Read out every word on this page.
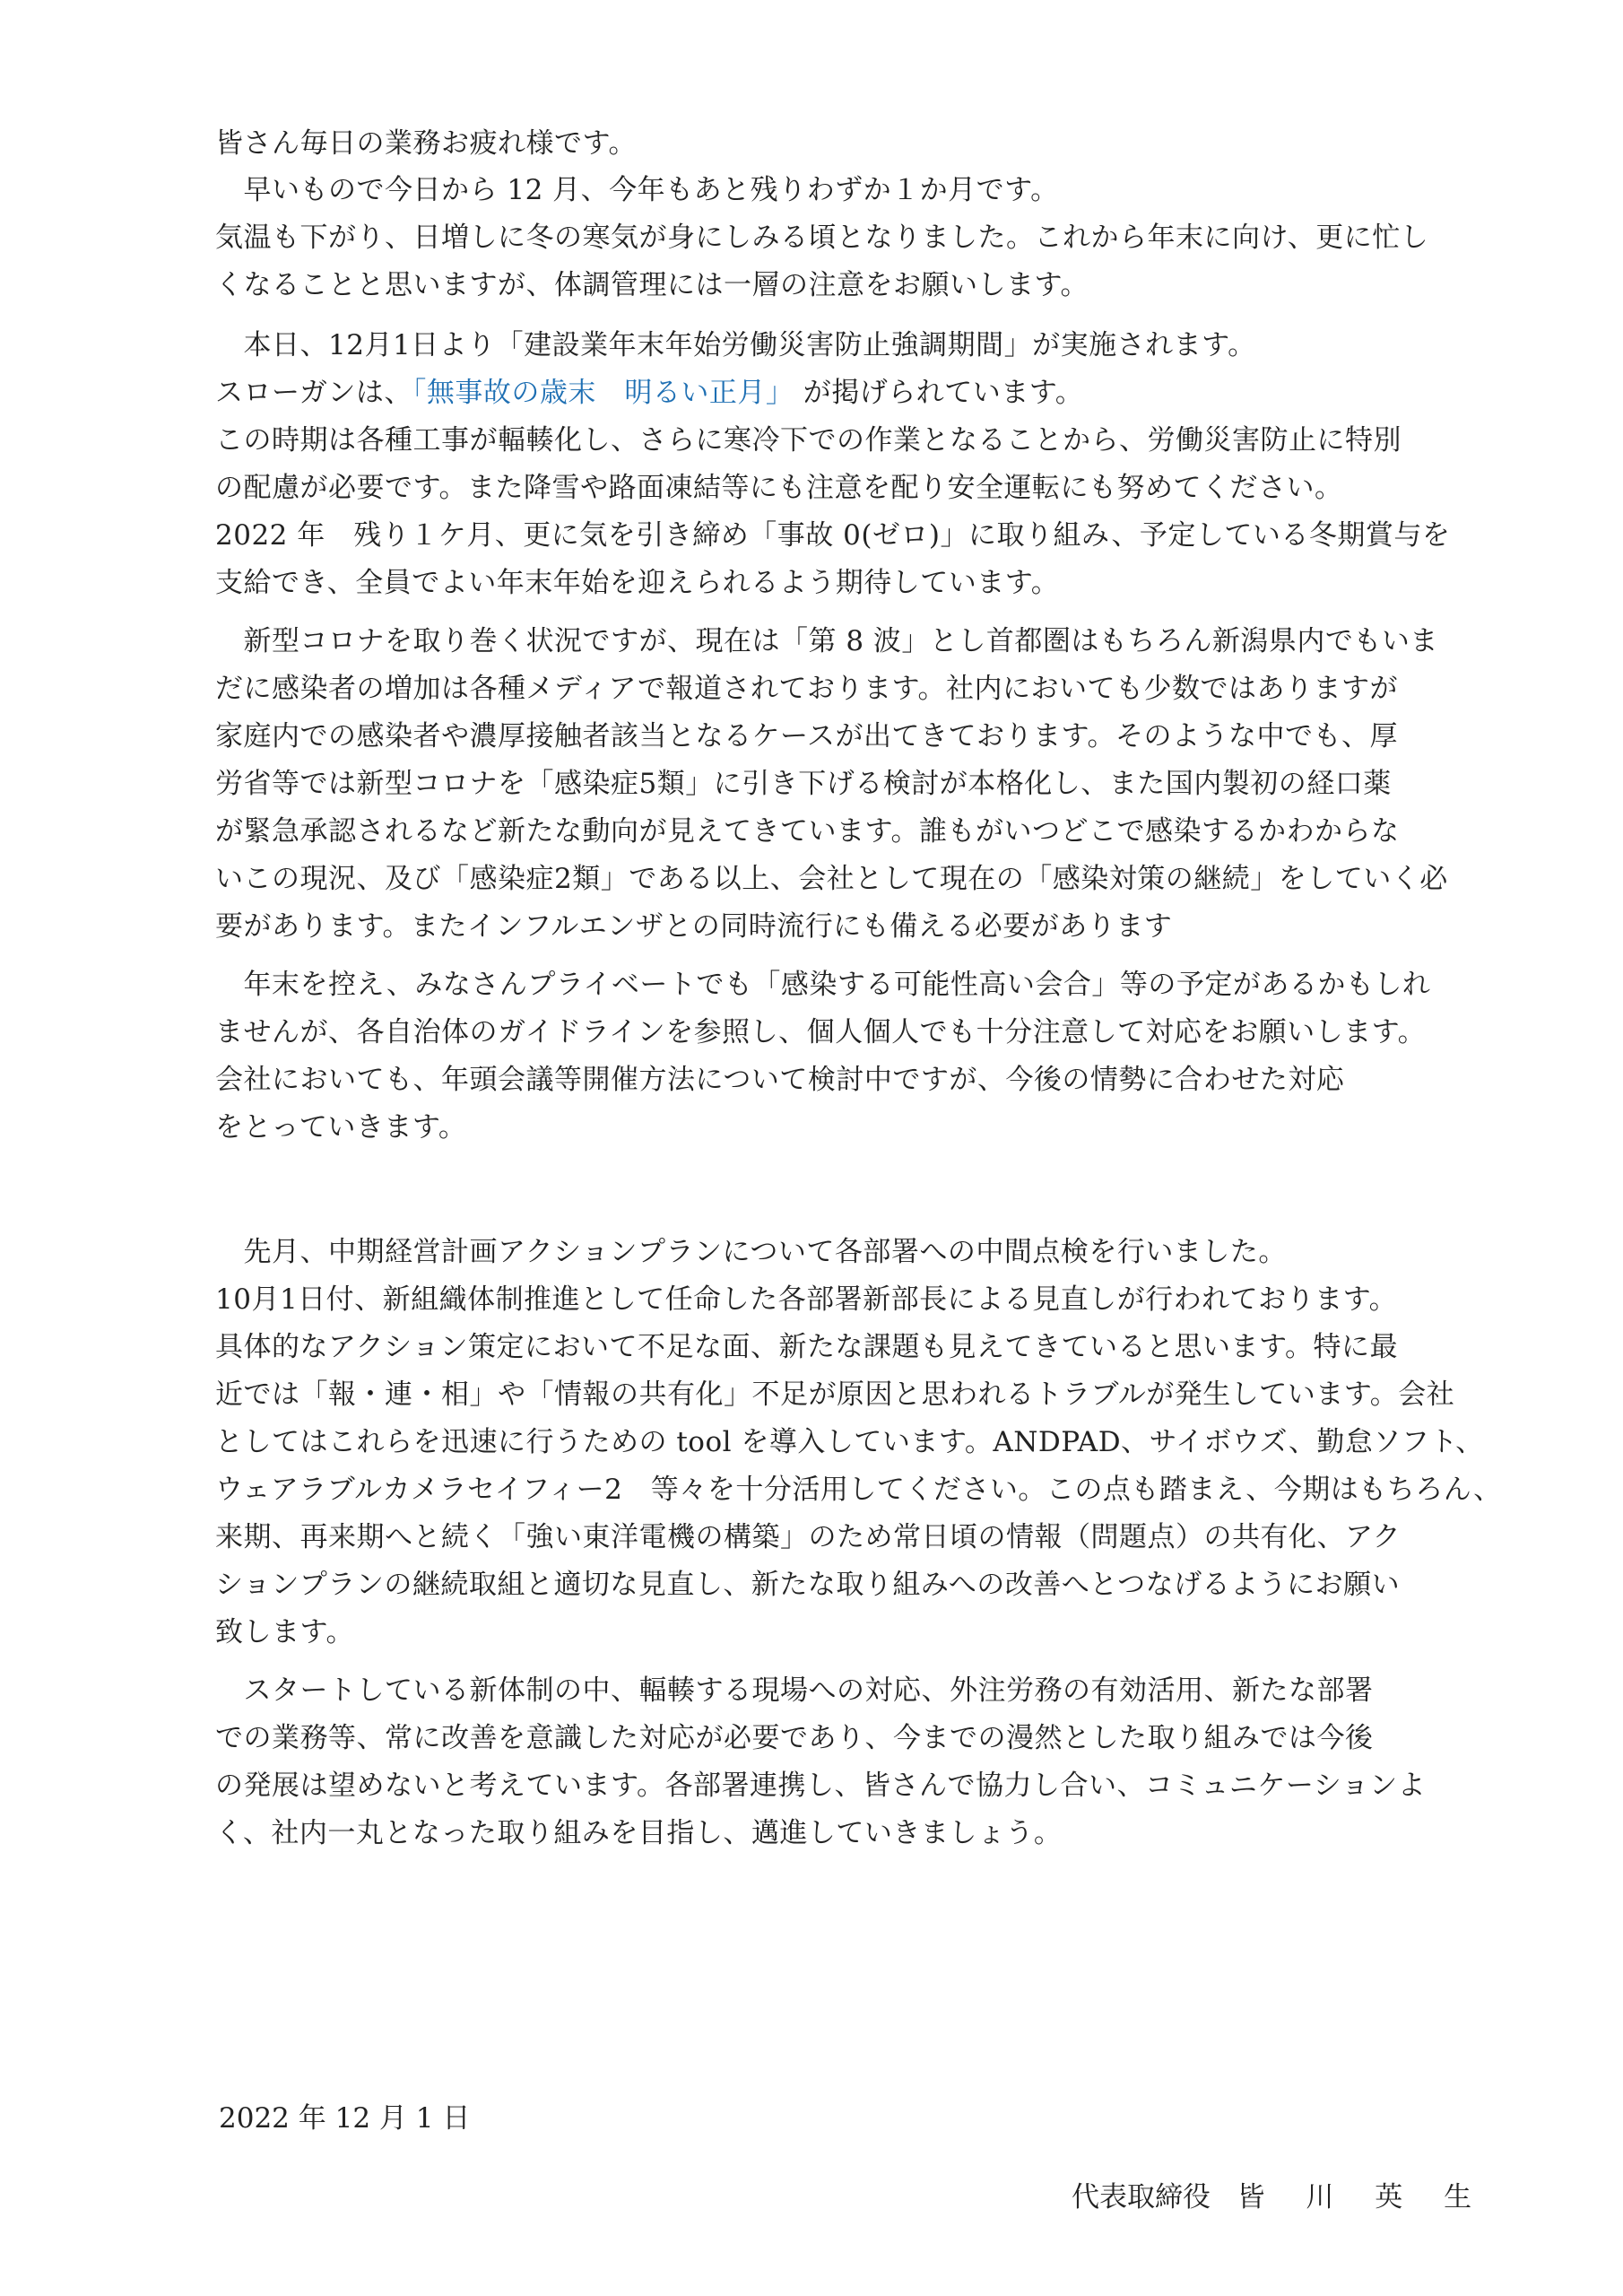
皆さん毎日の業務お疲れ様です。
　早いもので今日から 12 月、今年もあと残りわずか１か月です。
気温も下がり、日増しに冬の寒気が身にしみる頃となりました。これから年末に向け、更に忙し
くなることと思いますが、体調管理には一層の注意をお願いします。
　本日、12月1日より「建設業年末年始労働災害防止強調期間」が実施されます。
スローガンは、「無事故の歳末　明るい正月」 が掲げられています。
この時期は各種工事が輻輳化し、さらに寒冷下での作業となることから、労働災害防止に特別
の配慮が必要です。また降雪や路面凍結等にも注意を配り安全運転にも努めてください。
2022 年　残り１ケ月、更に気を引き締め「事故 0(ゼロ)」に取り組み、予定している冬期賞与を
支給でき、全員でよい年末年始を迎えられるよう期待しています。
　新型コロナを取り巻く状況ですが、現在は「第 8 波」とし首都圏はもちろん新潟県内でもいま
だに感染者の増加は各種メディアで報道されております。社内においても少数ではありますが
家庭内での感染者や濃厚接触者該当となるケースが出てきております。そのような中でも、厚
労省等では新型コロナを「感染症5類」に引き下げる検討が本格化し、また国内製初の経口薬
が緊急承認されるなど新たな動向が見えてきています。誰もがいつどこで感染するかわからな
いこの現況、及び「感染症2類」である以上、会社として現在の「感染対策の継続」をしていく必
要があります。またインフルエンザとの同時流行にも備える必要があります
　年末を控え、みなさんプライベートでも「感染する可能性高い会合」等の予定があるかもしれ
ませんが、各自治体のガイドラインを参照し、個人個人でも十分注意して対応をお願いします。
会社においても、年頭会議等開催方法について検討中ですが、今後の情勢に合わせた対応
をとっていきます。
　先月、中期経営計画アクションプランについて各部署への中間点検を行いました。
10月1日付、新組織体制推進として任命した各部署新部長による見直しが行われております。
具体的なアクション策定において不足な面、新たな課題も見えてきていると思います。特に最
近では「報・連・相」や「情報の共有化」不足が原因と思われるトラブルが発生しています。会社
としてはこれらを迅速に行うための tool を導入しています。ANDPAD、サイボウズ、勤怠ソフト、
ウェアラブルカメラセイフィー2　等々を十分活用してください。この点も踏まえ、今期はもちろん、
来期、再来期へと続く「強い東洋電機の構築」のため常日頃の情報（問題点）の共有化、アク
ションプランの継続取組と適切な見直し、新たな取り組みへの改善へとつなげるようにお願い
致します。
　スタートしている新体制の中、輻輳する現場への対応、外注労務の有効活用、新たな部署
での業務等、常に改善を意識した対応が必要であり、今までの漫然とした取り組みでは今後
の発展は望めないと考えています。各部署連携し、皆さんで協力し合い、コミュニケーションよ
く、社内一丸となった取り組みを目指し、邁進していきましょう。
2022 年 12 月 1 日
代表取締役 皆 川 英 生
